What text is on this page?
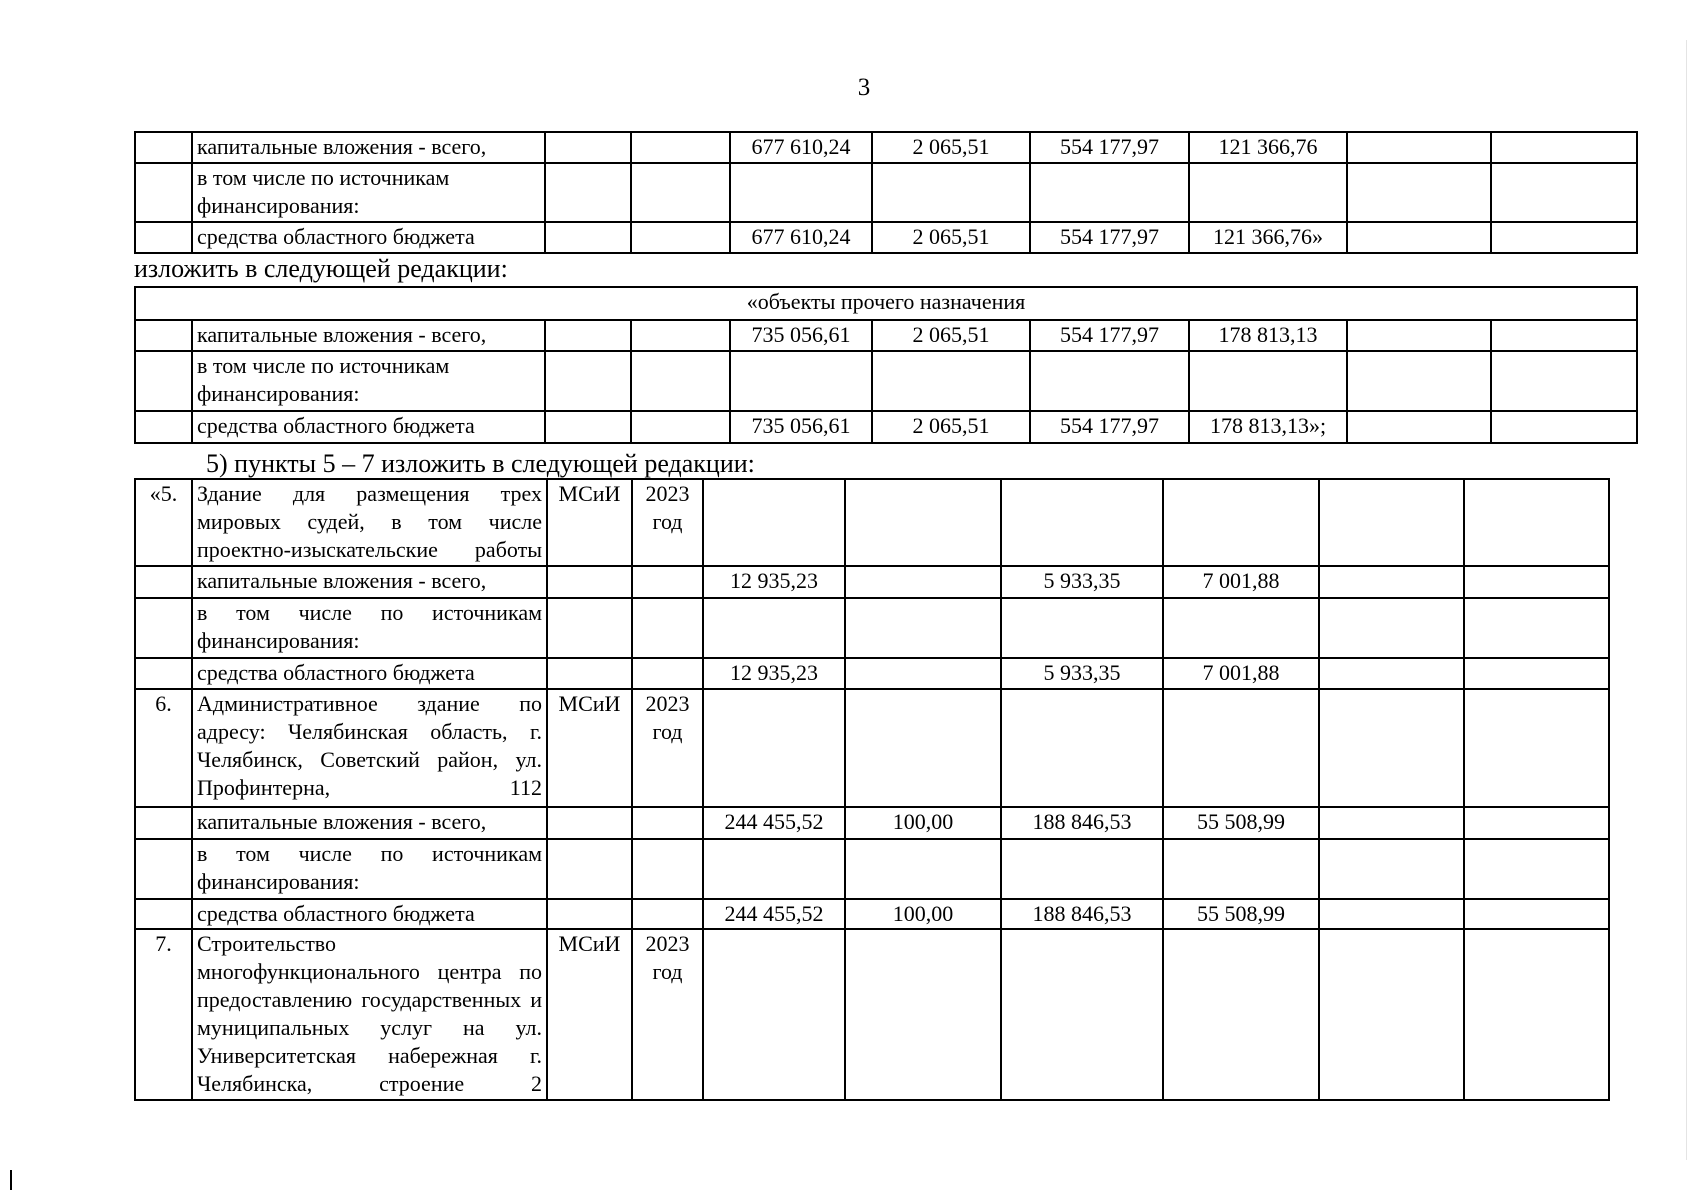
3
	капитальные вложения - всего,			677 610,24	2 065,51	554 177,97	121 366,76		
	в том числе по источникам финансирования:								
	средства областного бюджета			677 610,24	2 065,51	554 177,97	121 366,76»		
изложить в следующей редакции:
«объекты прочего назначения									
	капитальные вложения - всего,			735 056,61	2 065,51	554 177,97	178 813,13		
	в том числе по источникам финансирования:								
	средства областного бюджета			735 056,61	2 065,51	554 177,97	178 813,13»;		
5) пункты 5 – 7 изложить в следующей редакции:
«5.	Здание для размещения трех мировых судей, в том числе проектно-изыскательские работы	МСиИ	2023 год						
	капитальные вложения - всего,			12 935,23		5 933,35	7 001,88		
	в том числе по источникам финансирования:								
	средства областного бюджета			12 935,23		5 933,35	7 001,88		
6.	Административное здание по адресу: Челябинская область, г. Челябинск, Советский район, ул. Профинтерна, 112	МСиИ	2023 год						
	капитальные вложения - всего,			244 455,52	100,00	188 846,53	55 508,99		
	в том числе по источникам финансирования:								
	средства областного бюджета			244 455,52	100,00	188 846,53	55 508,99		
7.	Строительство многофункционального центра по предоставлению государственных и муниципальных услуг на ул. Университетская набережная г. Челябинска, строение 2	МСиИ	2023 год						
